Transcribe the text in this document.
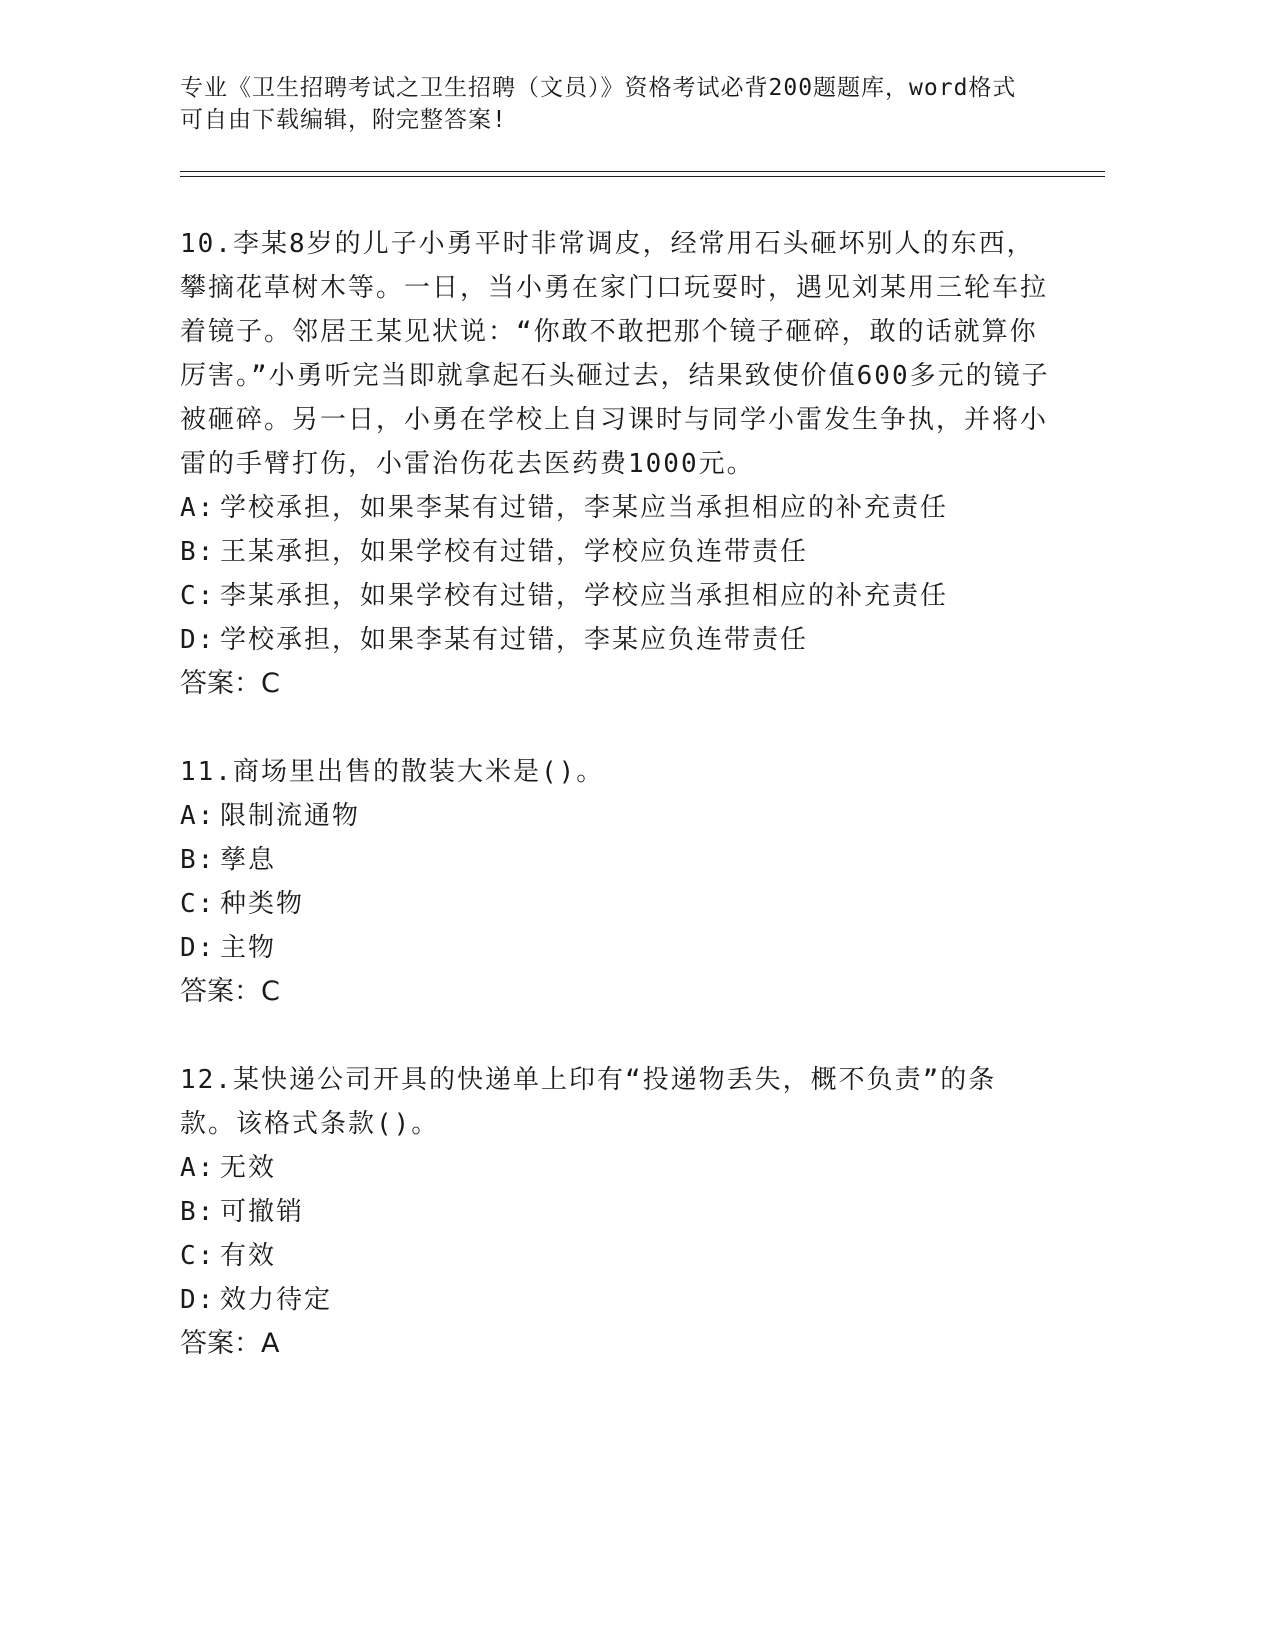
专业《卫生招聘考试之卫生招聘（文员）》资格考试必背200题题库，word格式

可自由下载编辑，附完整答案!

10.李某8岁的儿子小勇平时非常调皮，经常用石头砸坏别人的东西，攀摘花草树木等。一日，当小勇在家门口玩耍时，遇见刘某用三轮车拉着镜子。邻居王某见状说：“你敢不敢把那个镜子砸碎，敢的话就算你厉害。”小勇听完当即就拿起石头砸过去，结果致使价值600多元的镜子被砸碎。另一日，小勇在学校上自习课时与同学小雷发生争执，并将小雷的手臂打伤，小雷治伤花去医药费1000元。

A: 学校承担，如果李某有过错，李某应当承担相应的补充责任

B: 王某承担，如果学校有过错，学校应负连带责任

C: 李某承担，如果学校有过错，学校应当承担相应的补充责任

D: 学校承担，如果李某有过错，李某应负连带责任

答案：C

11.商场里出售的散装大米是()。

A: 限制流通物

B: 孳息

C: 种类物

D: 主物

答案：C

12.某快递公司开具的快递单上印有“投递物丢失，概不负责”的条款。该格式条款()。

A: 无效

B: 可撤销

C: 有效

D: 效力待定

答案：A
